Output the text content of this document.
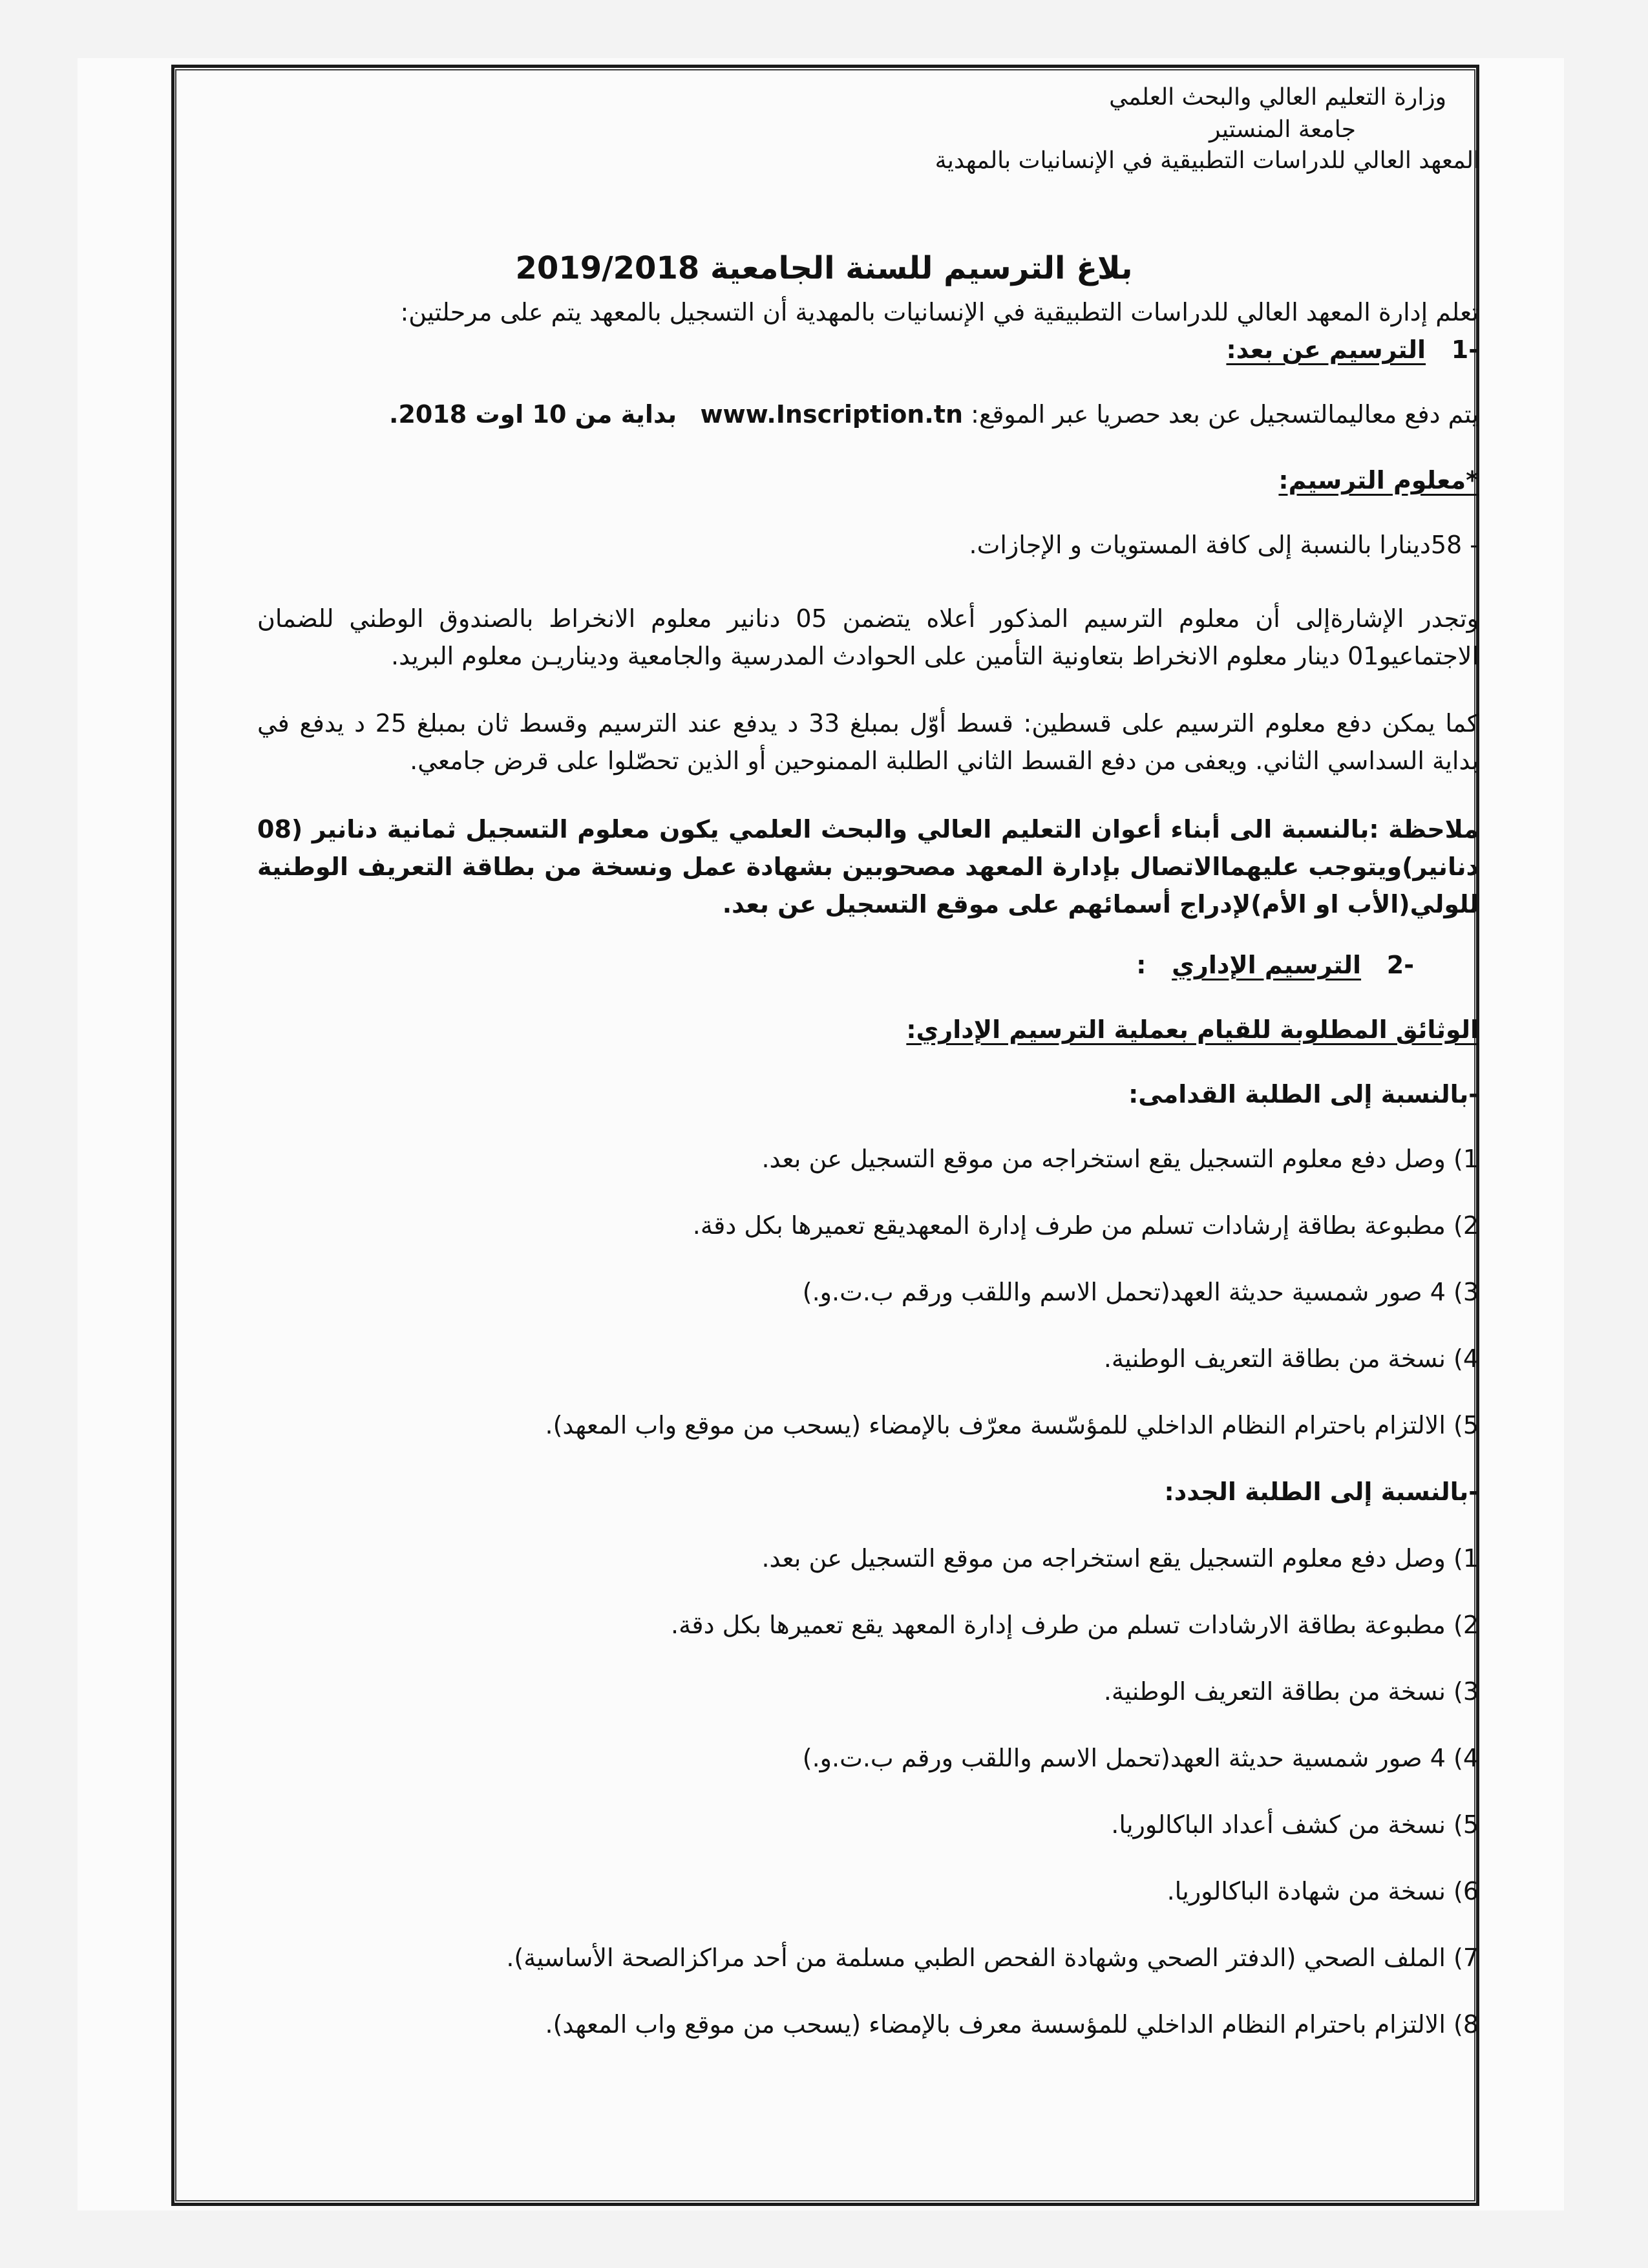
وزارة التعليم العالي والبحث العلمي
جامعة المنستير
المعهد العالي للدراسات التطبيقية في الإنسانيات بالمهدية
بلاغ الترسيم للسنة الجامعية 2019/2018
تعلم إدارة المعهد العالي للدراسات التطبيقية في الإنسانيات بالمهدية أن التسجيل بالمعهد يتم على مرحلتين:
-1   الترسيم عن بعد:
يتم دفع معاليمالتسجيل عن بعد حصريا عبر الموقع: www.Inscription.tn   بداية من 10 اوت 2018.
*معلوم الترسيم:
- 58دينارا بالنسبة إلى كافة المستويات و الإجازات.
وتجدر الإشارةإلى أن معلوم الترسيم المذكور أعلاه يتضمن 05 دنانير معلوم الانخراط بالصندوق الوطني للضمان الاجتماعيو01 دينار معلوم الانخراط بتعاونية التأمين على الحوادث المدرسية والجامعية وديناريـن معلوم البريد.
كما يمكن دفع معلوم الترسيم على قسطين: قسط أوّل بمبلغ 33 د يدفع عند الترسيم وقسط ثان بمبلغ 25 د يدفع في بداية السداسي الثاني. ويعفى من دفع القسط الثاني الطلبة الممنوحين أو الذين تحصّلوا على قرض جامعي.
ملاحظة :بالنسبة الى أبناء أعوان التعليم العالي والبحث العلمي يكون معلوم التسجيل ثمانية دنانير (08 دنانير)ويتوجب عليهماالاتصال بإدارة المعهد مصحوبين بشهادة عمل ونسخة من بطاقة التعريف الوطنية للولي(الأب او الأم)لإدراج أسمائهم على موقع التسجيل عن بعد.
-2   الترسيم الإداري   :
الوثائق المطلوبة للقيام بعملية الترسيم الإداري:
-بالنسبة إلى الطلبة القدامى:
1) وصل دفع معلوم التسجيل يقع استخراجه من موقع التسجيل عن بعد.
2) مطبوعة بطاقة إرشادات تسلم من طرف إدارة المعهديقع تعميرها بكل دقة.
3) 4 صور شمسية حديثة العهد(تحمل الاسم واللقب ورقم ب.ت.و.)
4) نسخة من بطاقة التعريف الوطنية.
5) الالتزام باحترام النظام الداخلي للمؤسّسة معرّف بالإمضاء (يسحب من موقع واب المعهد).
-بالنسبة إلى الطلبة الجدد:
1) وصل دفع معلوم التسجيل يقع استخراجه من موقع التسجيل عن بعد.
2) مطبوعة بطاقة الارشادات تسلم من طرف إدارة المعهد يقع تعميرها بكل دقة.
3) نسخة من بطاقة التعريف الوطنية.
4) 4 صور شمسية حديثة العهد(تحمل الاسم واللقب ورقم ب.ت.و.)
5) نسخة من كشف أعداد الباكالوريا.
6) نسخة من شهادة الباكالوريا.
7) الملف الصحي (الدفتر الصحي وشهادة الفحص الطبي مسلمة من أحد مراكزالصحة الأساسية).
8) الالتزام باحترام النظام الداخلي للمؤسسة معرف بالإمضاء (يسحب من موقع واب المعهد).
